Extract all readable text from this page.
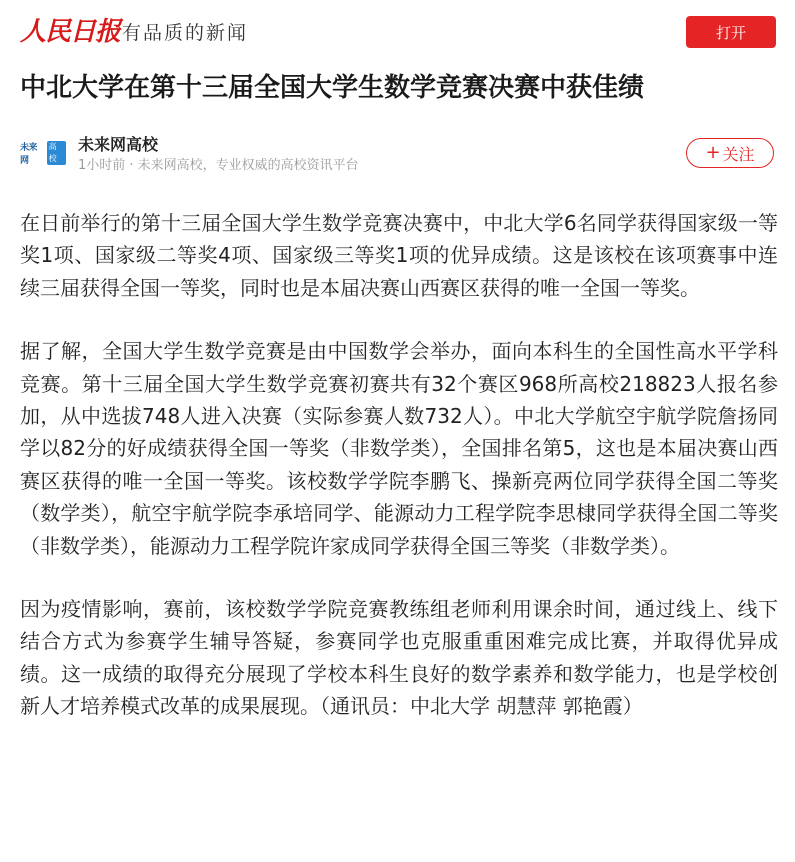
人民日报 有品质的新闻	打开
中北大学在第十三届全国大学生数学竞赛决赛中获佳绩
未来网
高校
未来网高校
1小时前 · 未来网高校，专业权威的高校资讯平台
+ 关注

在日前举行的第十三届全国大学生数学竞赛决赛中，中北大学6名同学获得国家级一等奖1项、国家级二等奖4项、国家级三等奖1项的优异成绩。这是该校在该项赛事中连续三届获得全国一等奖，同时也是本届决赛山西赛区获得的唯一全国一等奖。

据了解，全国大学生数学竞赛是由中国数学会举办，面向本科生的全国性高水平学科竞赛。第十三届全国大学生数学竞赛初赛共有32个赛区968所高校218823人报名参加，从中选拔748人进入决赛（实际参赛人数732人）。中北大学航空宇航学院詹扬同学以82分的好成绩获得全国一等奖（非数学类），全国排名第5，这也是本届决赛山西赛区获得的唯一全国一等奖。该校数学学院李鹏飞、操新亮两位同学获得全国二等奖（数学类），航空宇航学院李承培同学、能源动力工程学院李思棣同学获得全国二等奖（非数学类），能源动力工程学院许家成同学获得全国三等奖（非数学类）。

因为疫情影响，赛前，该校数学学院竞赛教练组老师利用课余时间，通过线上、线下结合方式为参赛学生辅导答疑，参赛同学也克服重重困难完成比赛，并取得优异成绩。这一成绩的取得充分展现了学校本科生良好的数学素养和数学能力，也是学校创新人才培养模式改革的成果展现。（通讯员：中北大学 胡慧萍 郭艳霞）
